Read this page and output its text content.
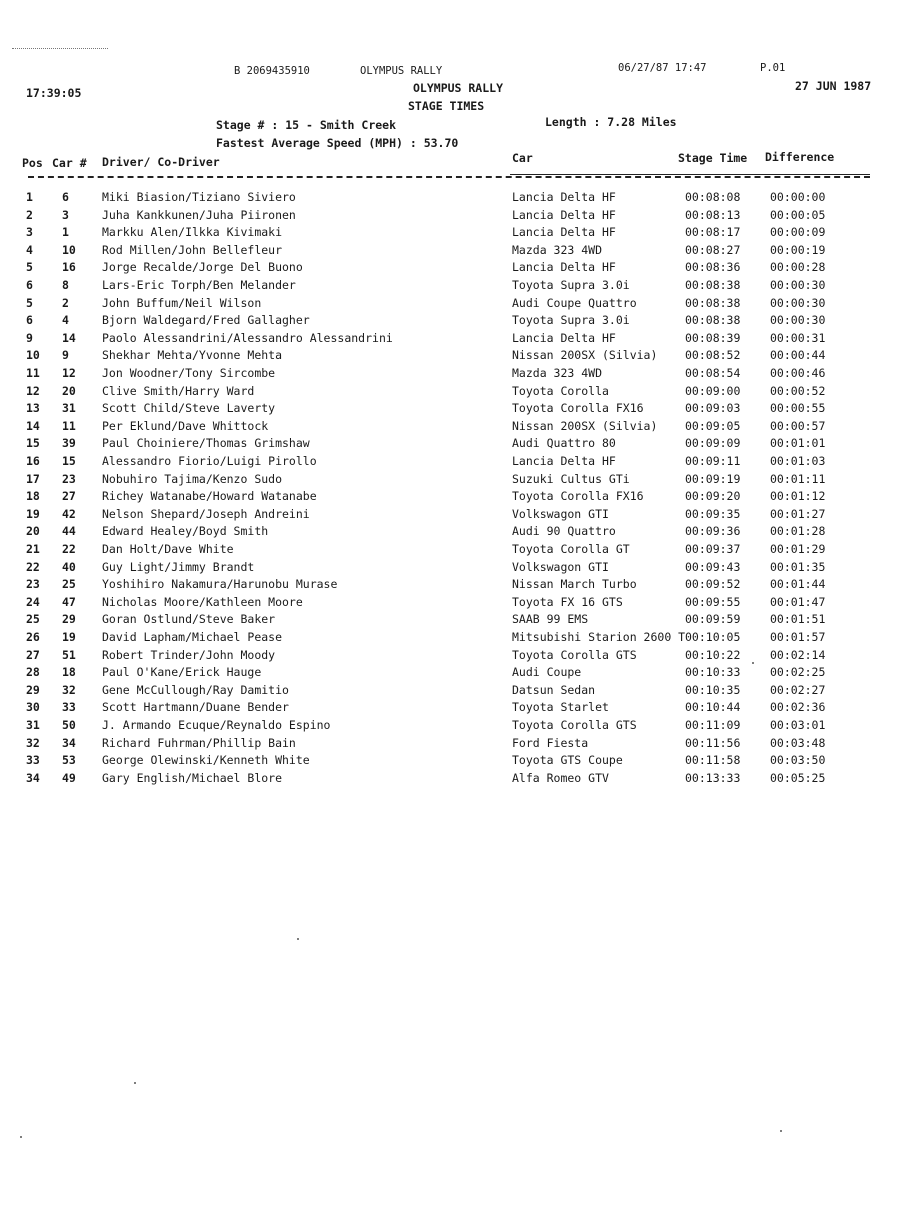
B 2069435910	OLYMPUS RALLY	06/27/87 17:47	P.01
17:39:05	OLYMPUS RALLY	27 JUN 1987
STAGE TIMES
Stage # : 15 - Smith Creek	Length : 7.28 Miles
Fastest Average Speed (MPH) : 53.70
Pos Car # Driver/ Co-Driver	Car	Stage Time Difference
1	6	Miki Biasion/Tiziano Siviero	Lancia Delta HF	00:08:08	00:00:00
2	3	Juha Kankkunen/Juha Piironen	Lancia Delta HF	00:08:13	00:00:05
3	1	Markku Alen/Ilkka Kivimaki	Lancia Delta HF	00:08:17	00:00:09
4	10 Rod Millen/John Bellefleur	Mazda 323 4WD	00:08:27	00:00:19
5	16 Jorge Recalde/Jorge Del Buono	Lancia Delta HF	00:08:36	00:00:28
6	8	Lars-Eric Torph/Ben Melander	Toyota Supra 3.0i	00:08:38	00:00:30
5	2	John Buffum/Neil Wilson	Audi Coupe Quattro	00:08:38	00:00:30
6	4	Bjorn Waldegard/Fred Gallagher	Toyota Supra 3.0i	00:08:38	00:00:30
9	14 Paolo Alessandrini/Alessandro Alessandrini	Lancia Delta HF	00:08:39	00:00:31
10 9	Shekhar Mehta/Yvonne Mehta	Nissan 200SX (Silvia) 00:08:52	00:00:44
11 12 Jon Woodner/Tony Sircombe	Mazda 323 4WD	00:08:54	00:00:46
12 20 Clive Smith/Harry Ward	Toyota Corolla	00:09:00	00:00:52
13 31 Scott Child/Steve Laverty	Toyota Corolla FX16	00:09:03	00:00:55
14 11 Per Eklund/Dave Whittock	Nissan 200SX (Silvia) 00:09:05	00:00:57
15 39 Paul Choiniere/Thomas Grimshaw	Audi Quattro 80	00:09:09	00:01:01
16 15 Alessandro Fiorio/Luigi Pirollo	Lancia Delta HF	00:09:11	00:01:03
17 23 Nobuhiro Tajima/Kenzo Sudo	Suzuki Cultus GTi	00:09:19	00:01:11
18 27 Richey Watanabe/Howard Watanabe	Toyota Corolla FX16	00:09:20	00:01:12
19 42 Nelson Shepard/Joseph Andreini	Volkswagon GTI	00:09:35	00:01:27
20 44 Edward Healey/Boyd Smith	Audi 90 Quattro	00:09:36	00:01:28
21 22 Dan Holt/Dave White	Toyota Corolla GT	00:09:37	00:01:29
22 40 Guy Light/Jimmy Brandt	Volkswagon GTI	00:09:43	00:01:35
23 25 Yoshihiro Nakamura/Harunobu Murase	Nissan March Turbo	00:09:52	00:01:44
24 47 Nicholas Moore/Kathleen Moore	Toyota FX 16 GTS	00:09:55	00:01:47
25 29 Goran Ostlund/Steve Baker	SAAB 99 EMS	00:09:59	00:01:51
26 19 David Lapham/Michael Pease	Mitsubishi Starion 2600 T 00:10:05	00:01:57
27 51 Robert Trinder/John Moody	Toyota Corolla GTS	00:10:22	00:02:14
28 18 Paul O'Kane/Erick Hauge	Audi Coupe	00:10:33	00:02:25
29 32 Gene McCullough/Ray Damitio	Datsun Sedan	00:10:35	00:02:27
30 33 Scott Hartmann/Duane Bender	Toyota Starlet	00:10:44	00:02:36
31 50 J. Armando Ecuque/Reynaldo Espino	Toyota Corolla GTS	00:11:09	00:03:01
32 34 Richard Fuhrman/Phillip Bain	Ford Fiesta	00:11:56	00:03:48
33 53 George Olewinski/Kenneth White	Toyota GTS Coupe	00:11:58	00:03:50
34 49 Gary English/Michael Blore	Alfa Romeo GTV	00:13:33	00:05:25
